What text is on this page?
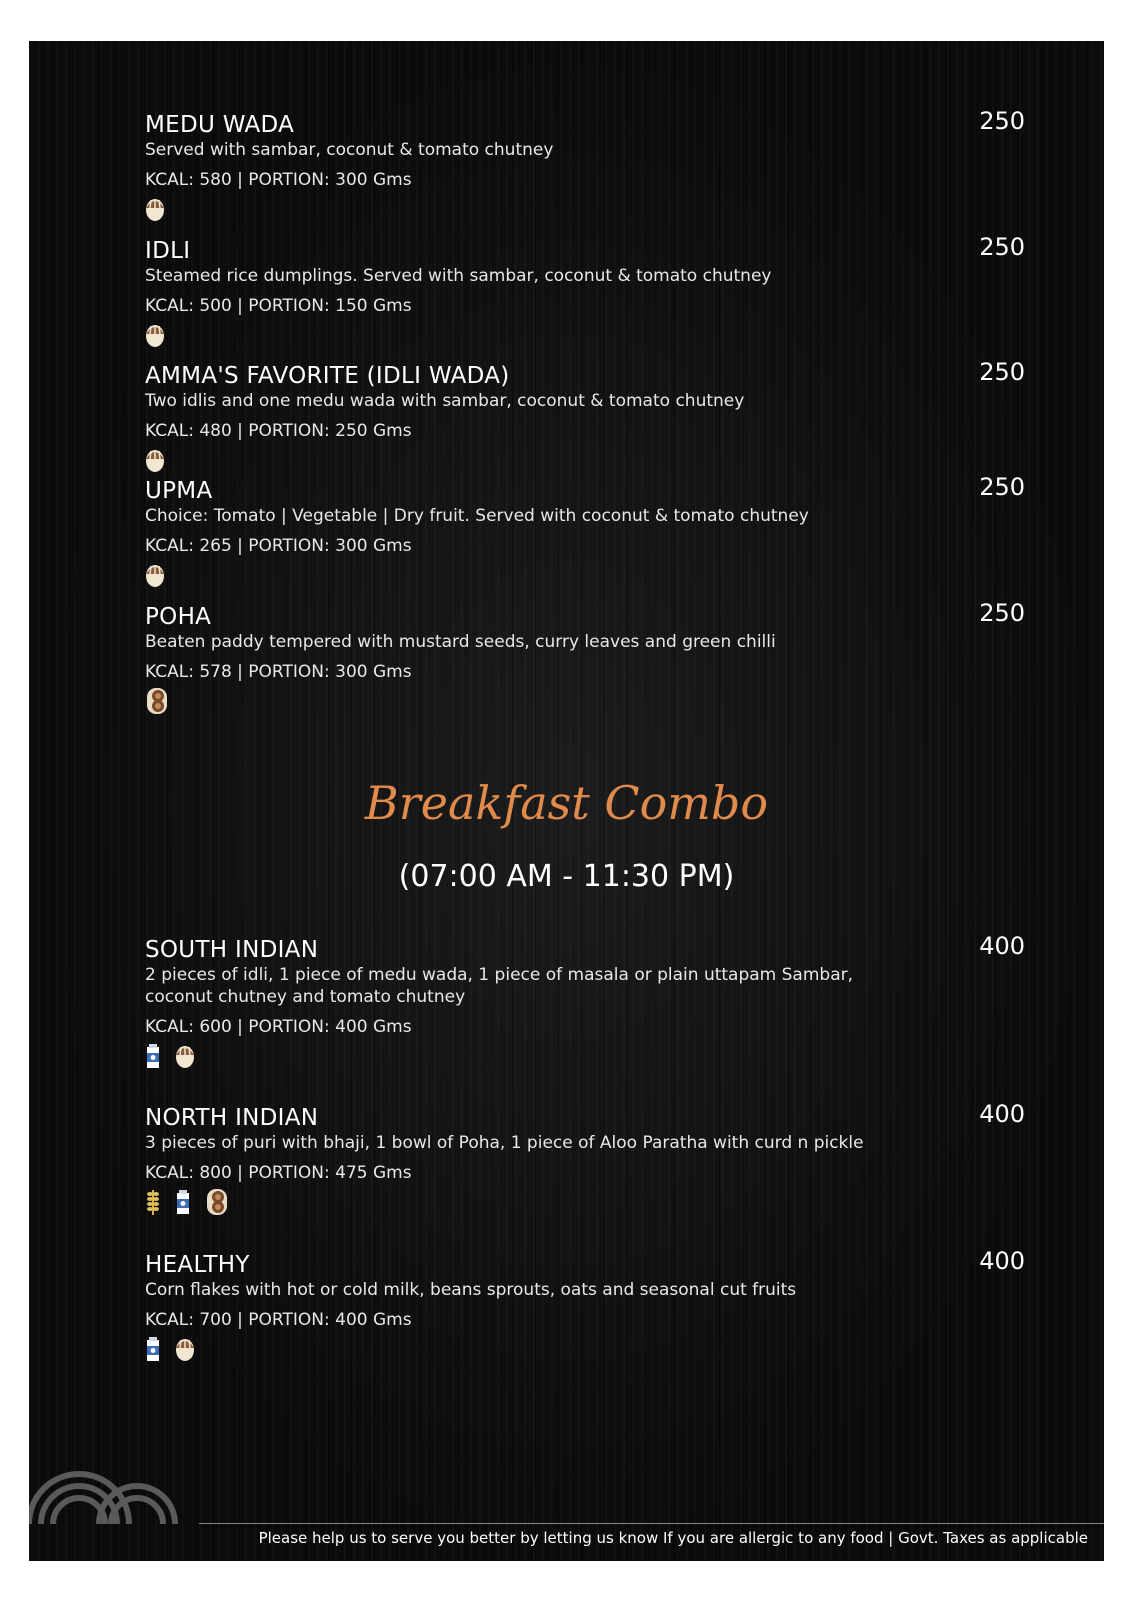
MEDU WADA
Served with sambar, coconut & tomato chutney
KCAL: 580 | PORTION: 300 Gms
250
IDLI
Steamed rice dumplings. Served with sambar, coconut & tomato chutney
KCAL: 500 | PORTION: 150 Gms
250
AMMA'S FAVORITE (IDLI WADA)
Two idlis and one medu wada with sambar, coconut & tomato chutney
KCAL: 480 | PORTION: 250 Gms
250
UPMA
Choice: Tomato | Vegetable | Dry fruit. Served with coconut & tomato chutney
KCAL: 265 | PORTION: 300 Gms
250
POHA
Beaten paddy tempered with mustard seeds, curry leaves and green chilli
KCAL: 578 | PORTION: 300 Gms
250
Breakfast Combo
(07:00 AM - 11:30 PM)
SOUTH INDIAN
2 pieces of idli, 1 piece of medu wada, 1 piece of masala or plain uttapam Sambar, coconut chutney and tomato chutney
KCAL: 600 | PORTION: 400 Gms
400
NORTH INDIAN
3 pieces of puri with bhaji, 1 bowl of Poha, 1 piece of Aloo Paratha with curd n pickle
KCAL: 800 | PORTION: 475 Gms
400
HEALTHY
Corn flakes with hot or cold milk, beans sprouts, oats and seasonal cut fruits
KCAL: 700 | PORTION: 400 Gms
400
Please help us to serve you better by letting us know If you are allergic to any food | Govt. Taxes as applicable
